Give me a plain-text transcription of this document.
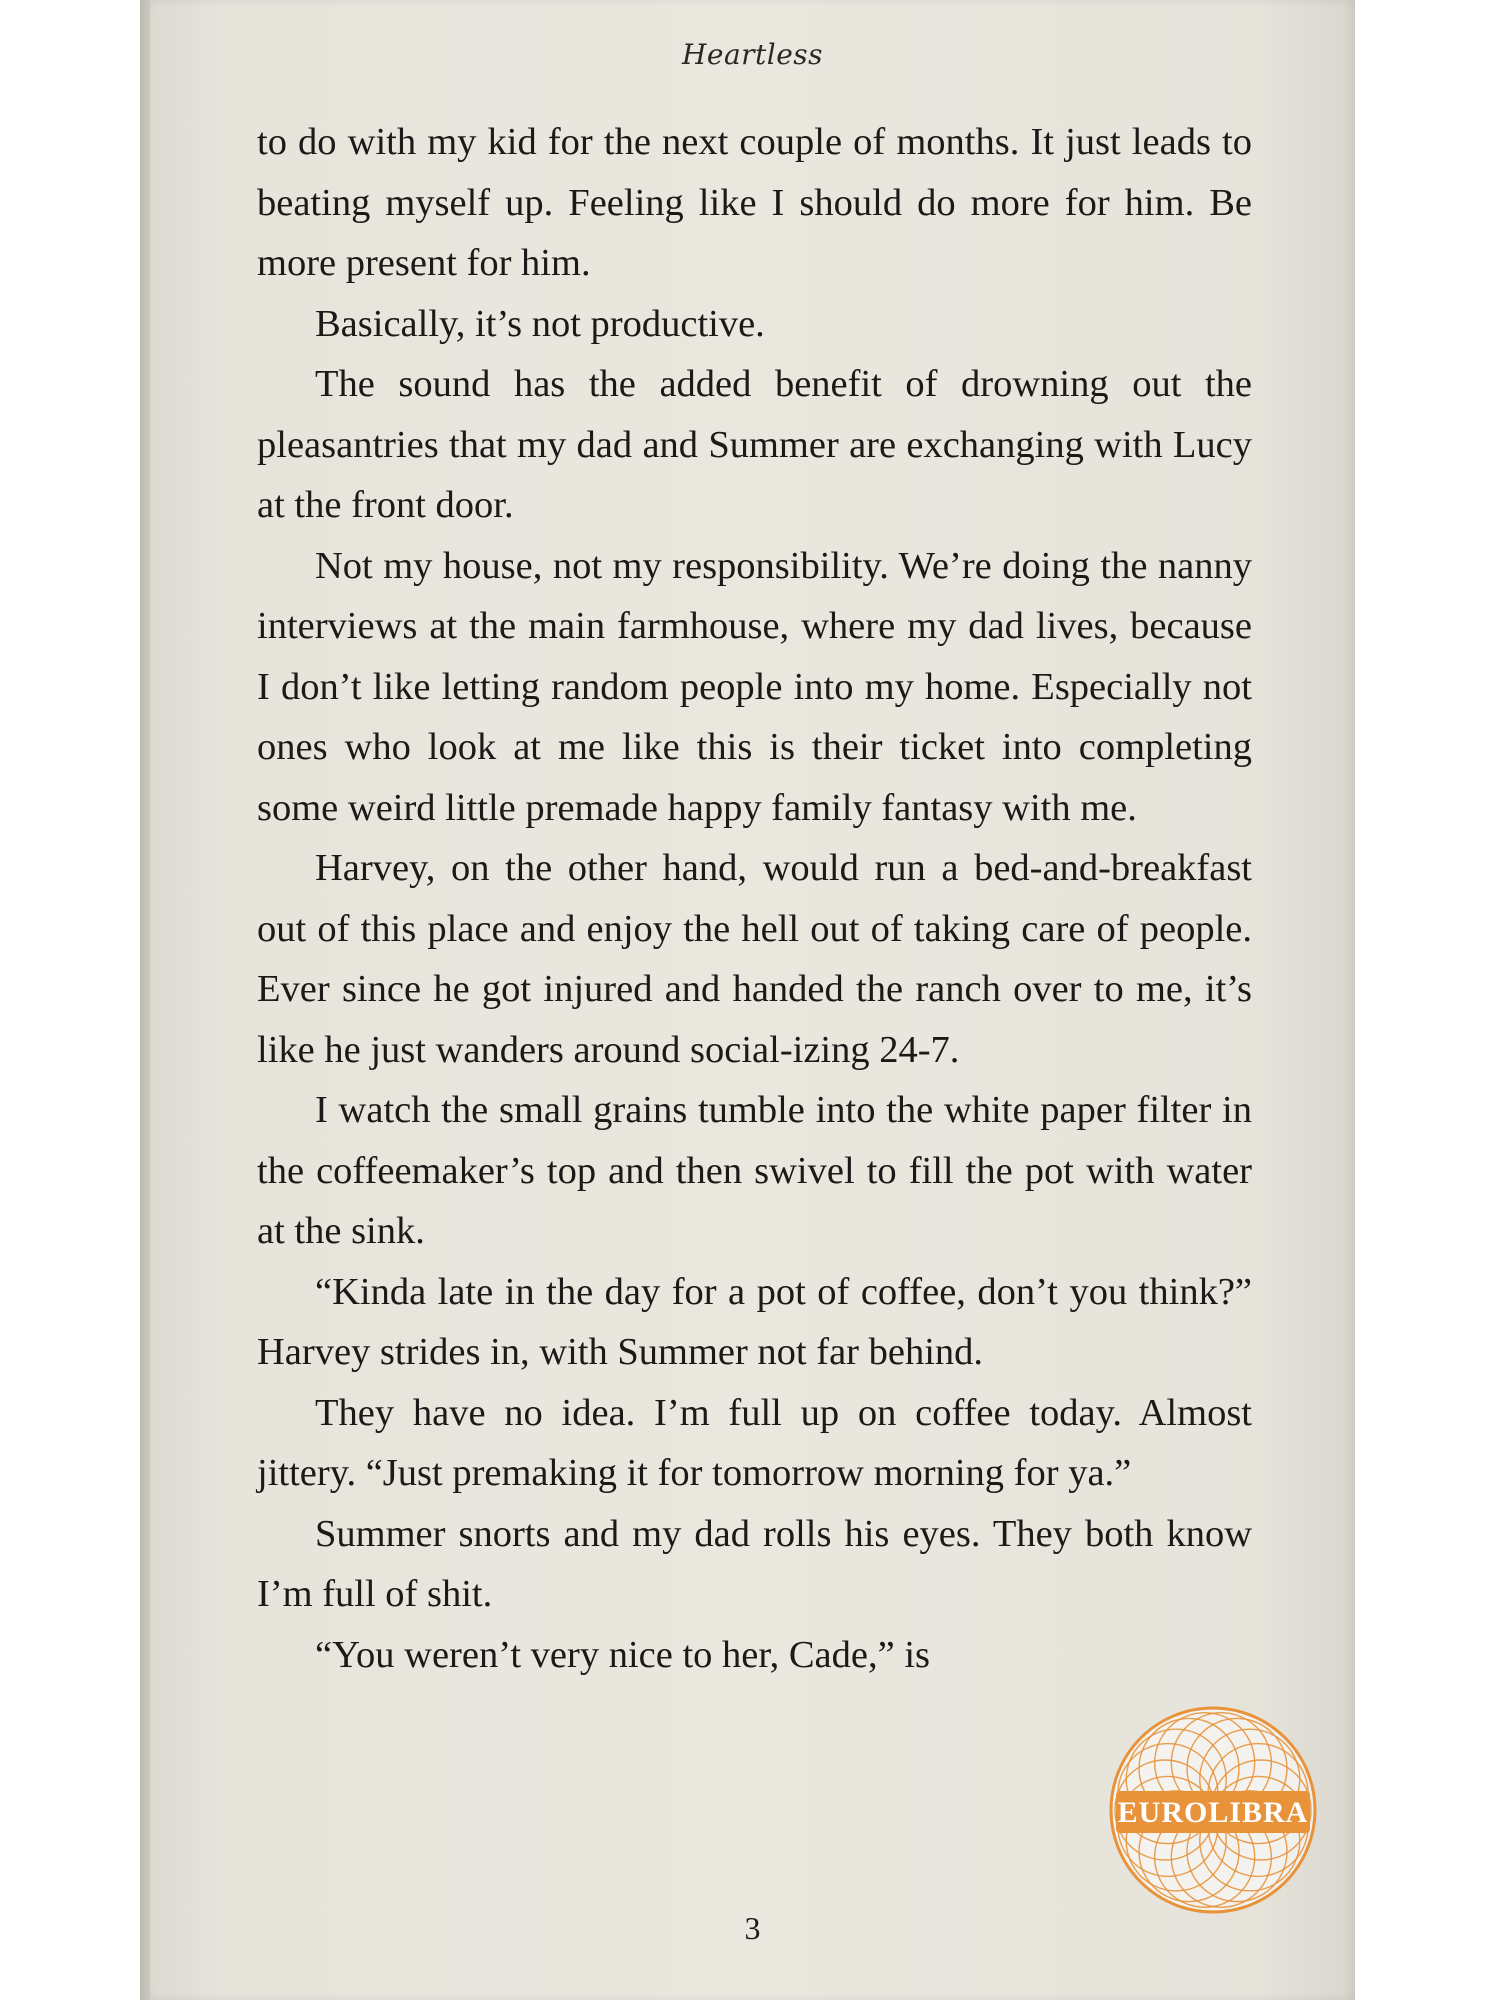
Heartless

to do with my kid for the next couple of months. It just leads to beating myself up. Feeling like I should do more for him. Be more present for him.

Basically, it’s not productive.

The sound has the added benefit of drowning out the pleasantries that my dad and Summer are exchanging with Lucy at the front door.

Not my house, not my responsibility. We’re doing the nanny interviews at the main farmhouse, where my dad lives, because I don’t like letting random people into my home. Especially not ones who look at me like this is their ticket into completing some weird little premade happy family fantasy with me.

Harvey, on the other hand, would run a bed-and-breakfast out of this place and enjoy the hell out of taking care of people. Ever since he got injured and handed the ranch over to me, it’s like he just wanders around social-izing 24-7.

I watch the small grains tumble into the white paper filter in the coffeemaker’s top and then swivel to fill the pot with water at the sink.

“Kinda late in the day for a pot of coffee, don’t you think?” Harvey strides in, with Summer not far behind.

They have no idea. I’m full up on coffee today. Almost jittery. “Just premaking it for tomorrow morning for ya.”

Summer snorts and my dad rolls his eyes. They both know I’m full of shit.

“You weren’t very nice to her, Cade,” is

3
EUROLIBRA
